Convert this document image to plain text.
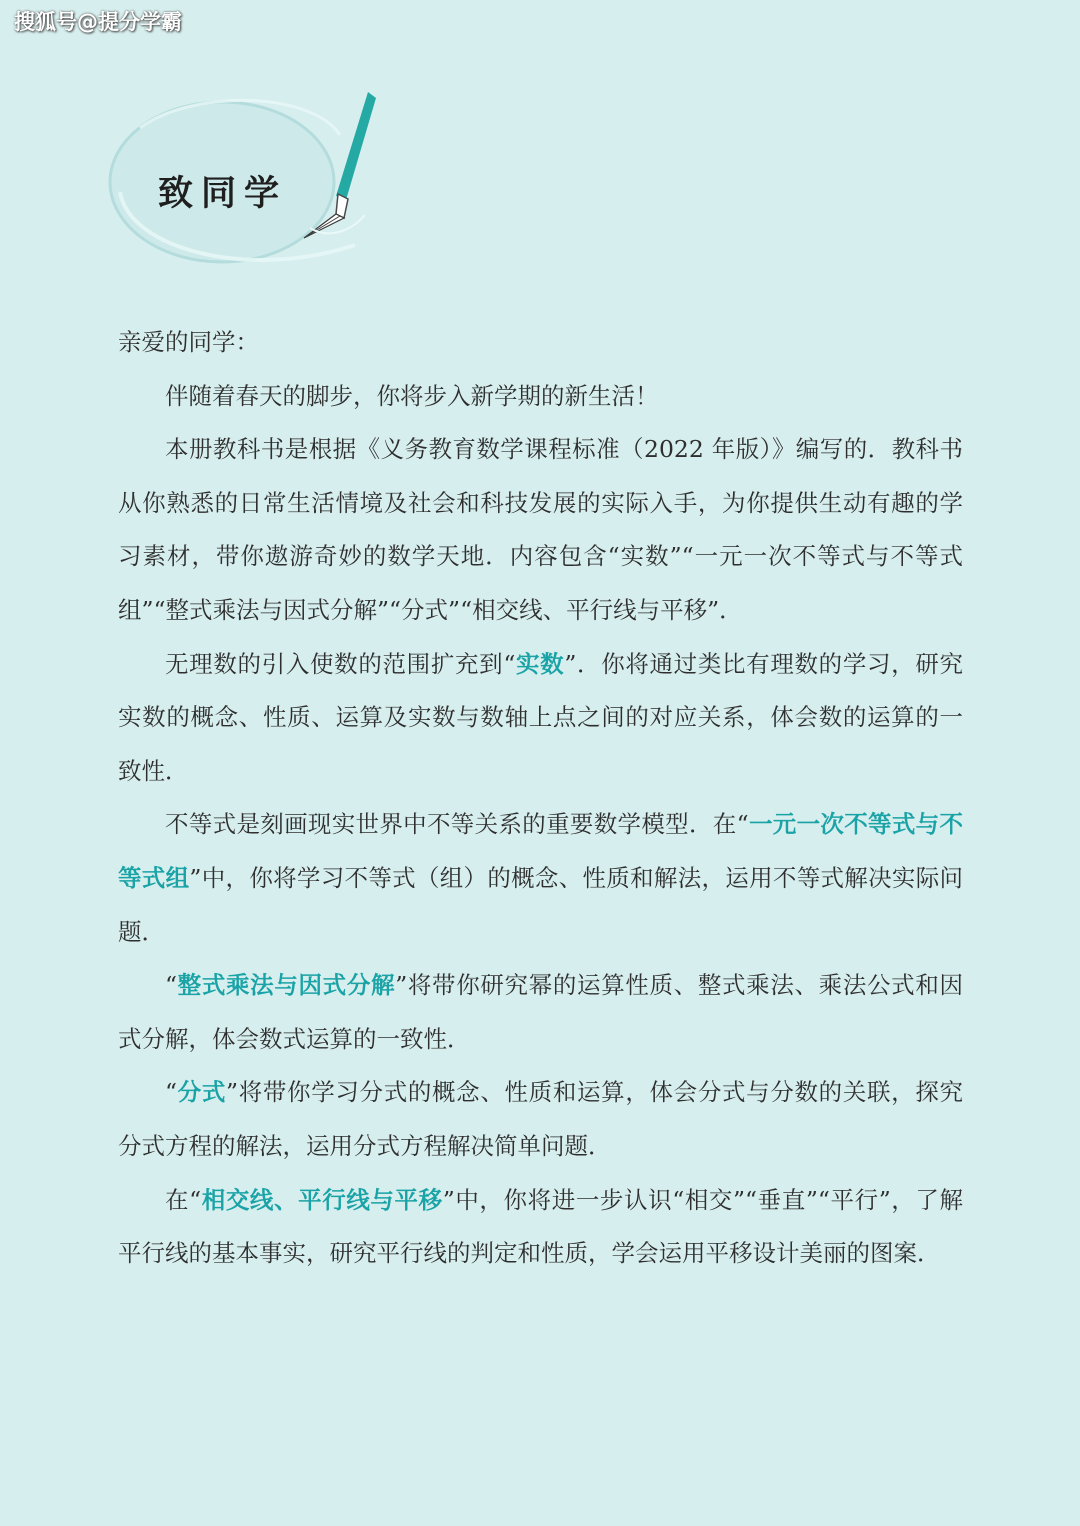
搜狐号@提分学霸
致同学

亲爱的同学：

伴随着春天的脚步，你将步入新学期的新生活！

本册教科书是根据《义务教育数学课程标准（2022 年版）》编写的．教科书从你熟悉的日常生活情境及社会和科技发展的实际入手，为你提供生动有趣的学习素材，带你遨游奇妙的数学天地．内容包含“实数”“一元一次不等式与不等式组”“整式乘法与因式分解”“分式”“相交线、平行线与平移”．

无理数的引入使数的范围扩充到“实数”．你将通过类比有理数的学习，研究实数的概念、性质、运算及实数与数轴上点之间的对应关系，体会数的运算的一致性．

不等式是刻画现实世界中不等关系的重要数学模型．在“一元一次不等式与不等式组”中，你将学习不等式（组）的概念、性质和解法，运用不等式解决实际问题．

“整式乘法与因式分解”将带你研究幂的运算性质、整式乘法、乘法公式和因式分解，体会数式运算的一致性．

“分式”将带你学习分式的概念、性质和运算，体会分式与分数的关联，探究分式方程的解法，运用分式方程解决简单问题．

在“相交线、平行线与平移”中，你将进一步认识“相交”“垂直”“平行”，了解平行线的基本事实，研究平行线的判定和性质，学会运用平移设计美丽的图案．
